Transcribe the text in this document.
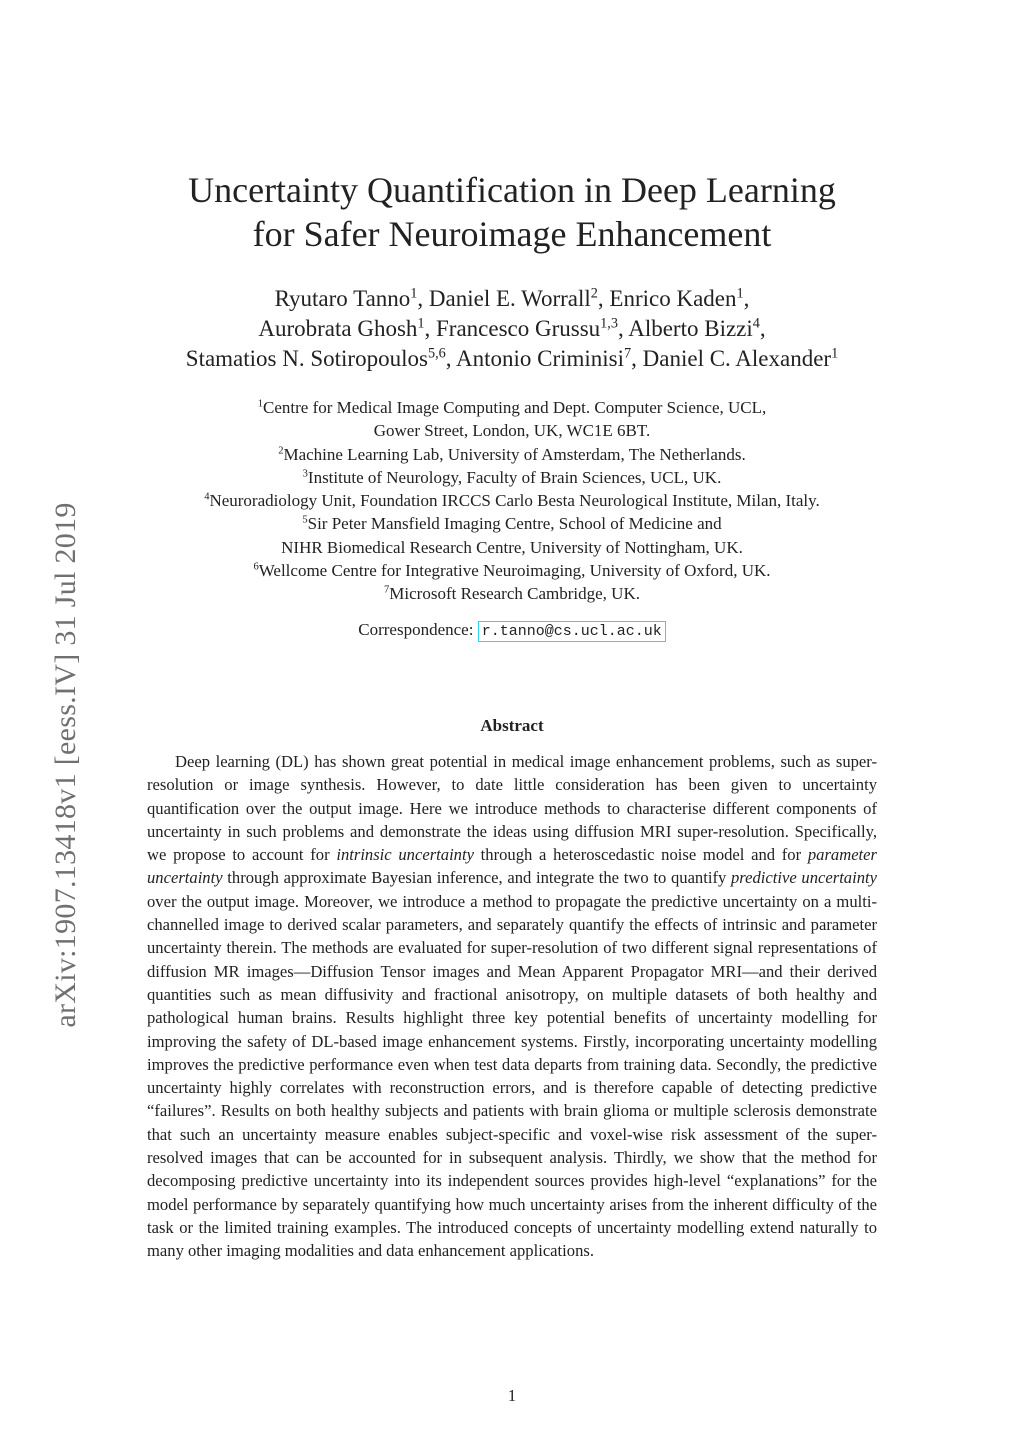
arXiv:1907.13418v1 [eess.IV] 31 Jul 2019
Uncertainty Quantification in Deep Learning
for Safer Neuroimage Enhancement
Ryutaro Tanno$^1$, Daniel E. Worrall$^2$, Enrico Kaden$^1$,
Aurobrata Ghosh$^1$, Francesco Grussu$^{1,3}$, Alberto Bizzi$^4$,
Stamatios N. Sotiropoulos$^{5,6}$, Antonio Criminisi$^7$, Daniel C. Alexander$^1$
$^1$Centre for Medical Image Computing and Dept. Computer Science, UCL,
Gower Street, London, UK, WC1E 6BT.
$^2$Machine Learning Lab, University of Amsterdam, The Netherlands.
$^3$Institute of Neurology, Faculty of Brain Sciences, UCL, UK.
$^4$Neuroradiology Unit, Foundation IRCCS Carlo Besta Neurological Institute, Milan, Italy.
$^5$Sir Peter Mansfield Imaging Centre, School of Medicine and
NIHR Biomedical Research Centre, University of Nottingham, UK.
$^6$Wellcome Centre for Integrative Neuroimaging, University of Oxford, UK.
$^7$Microsoft Research Cambridge, UK.
Correspondence: r.tanno@cs.ucl.ac.uk
Abstract

Deep learning (DL) has shown great potential in medical image enhancement problems, such as super-resolution or image synthesis. However, to date little consideration has been given to uncertainty quantification over the output image. Here we introduce methods to characterise different components of uncertainty in such problems and demonstrate the ideas using diffusion MRI super-resolution. Specifically, we propose to account for intrinsic uncertainty through a heteroscedastic noise model and for parameter uncertainty through approximate Bayesian inference, and integrate the two to quantify predictive uncertainty over the output image. Moreover, we introduce a method to propagate the predictive uncertainty on a multi-channelled image to derived scalar parameters, and separately quantify the effects of intrinsic and parameter uncertainty therein. The methods are evaluated for super-resolution of two different signal representations of diffusion MR images—Diffusion Tensor images and Mean Apparent Propagator MRI—and their derived quantities such as mean diffusivity and fractional anisotropy, on multiple datasets of both healthy and pathological human brains. Results highlight three key potential benefits of uncertainty modelling for improving the safety of DL-based image enhancement systems. Firstly, incorporating uncertainty modelling improves the predictive performance even when test data departs from training data. Secondly, the predictive uncertainty highly correlates with reconstruction errors, and is therefore capable of detecting predictive “failures”. Results on both healthy subjects and patients with brain glioma or multiple sclerosis demonstrate that such an uncertainty measure enables subject-specific and voxel-wise risk assessment of the super-resolved images that can be accounted for in subsequent analysis. Thirdly, we show that the method for decomposing predictive uncertainty into its independent sources provides high-level “explanations” for the model performance by separately quantifying how much uncertainty arises from the inherent difficulty of the task or the limited training examples. The introduced concepts of uncertainty modelling extend naturally to many other imaging modalities and data enhancement applications.

1
